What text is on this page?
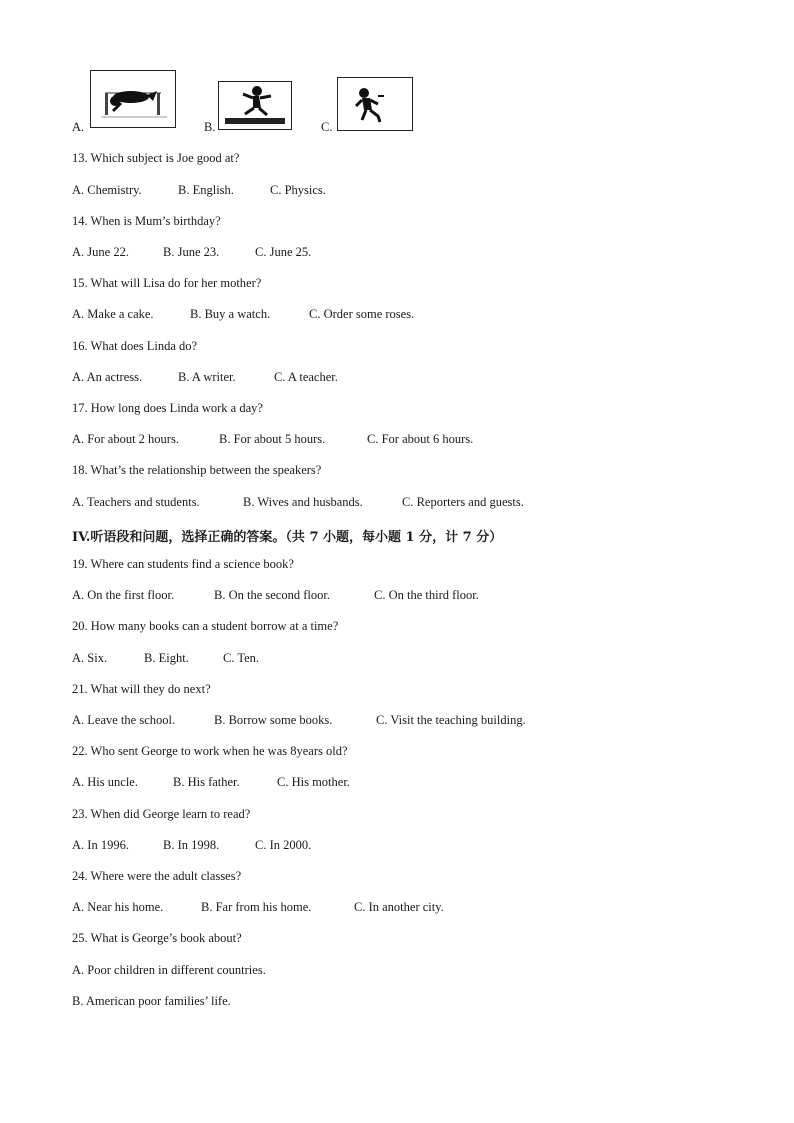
A.	B.	C.
13. Which subject is Joe good at?
A. Chemistry.	B. English.	C. Physics.
14. When is Mum’s birthday?
A. June 22.	B. June 23.	C. June 25.
15. What will Lisa do for her mother?
A. Make a cake.	B. Buy a watch.	C. Order some roses.
16. What does Linda do?
A. An actress.	B. A writer.	C. A teacher.
17. How long does Linda work a day?
A. For about 2 hours.	B. For about 5 hours.	C. For about 6 hours.
18. What’s the relationship between the speakers?
A. Teachers and students.	B. Wives and husbands.	C. Reporters and guests.
IV.听语段和问题，选择正确的答案。（共 7 小题，每小题 1 分，计 7 分）
19. Where can students find a science book?
A. On the first floor.	B. On the second floor.	C. On the third floor.
20. How many books can a student borrow at a time?
A. Six.	B. Eight.	C. Ten.
21. What will they do next?
A. Leave the school.	B. Borrow some books.	C. Visit the teaching building.
22. Who sent George to work when he was 8years old?
A. His uncle.	B. His father.	C. His mother.
23. When did George learn to read?
A. In 1996.	B. In 1998.	C. In 2000.
24. Where were the adult classes?
A. Near his home.	B. Far from his home.	C. In another city.
25. What is George’s book about?
A. Poor children in different countries.
B. American poor families’ life.
